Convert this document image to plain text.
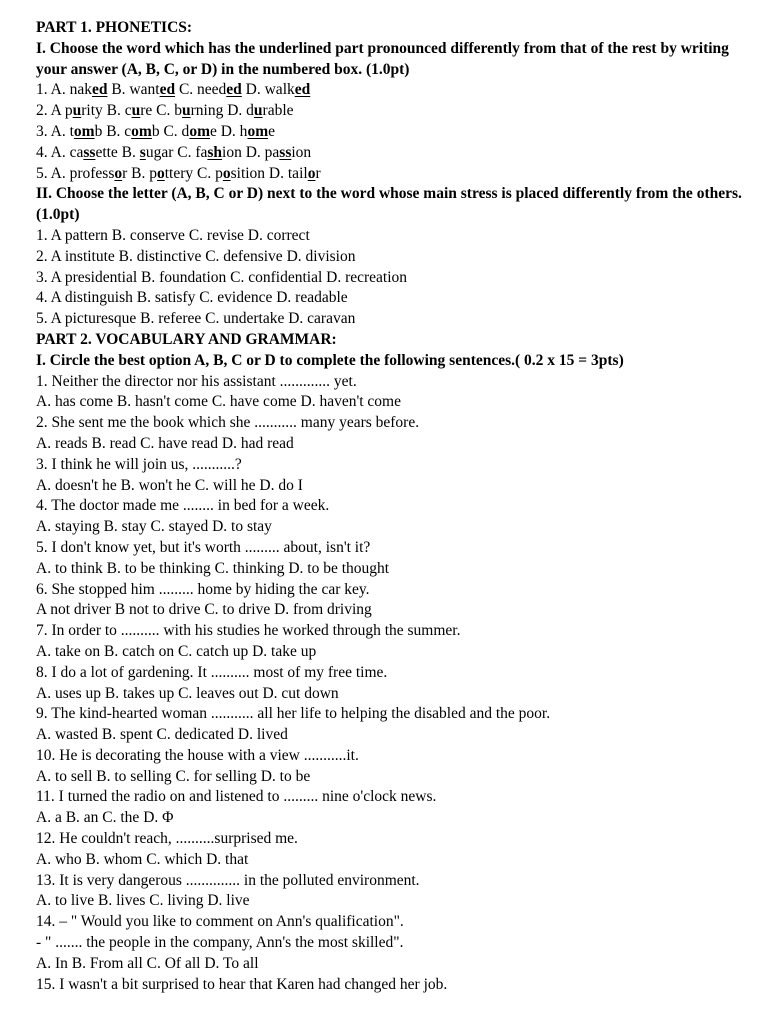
PART 1. PHONETICS:
I. Choose the word which has the underlined part pronounced differently from that of the rest by writing your answer (A, B, C, or D) in the numbered box. (1.0pt)
1. A. naked B. wanted C. needed D. walked
2. A purity B. cure C. burning D. durable
3. A. tomb B. comb C. dome D. home
4. A. cassette B. sugar C. fashion D. passion
5. A. professor B. pottery C. position D. tailor
II. Choose the letter (A, B, C or D) next to the word whose main stress is placed differently from the others. (1.0pt)
1. A pattern B. conserve C. revise D. correct
2. A institute B. distinctive C. defensive D. division
3. A presidential B. foundation C. confidential D. recreation
4. A distinguish B. satisfy C. evidence D. readable
5. A picturesque B. referee C. undertake D. caravan
PART 2. VOCABULARY AND GRAMMAR:
I. Circle the best option A, B, C or D to complete the following sentences.( 0.2 x 15 = 3pts)
1. Neither the director nor his assistant ............. yet.
A. has come B. hasn't come C. have come D. haven't come
2. She sent me the book which she ........... many years before.
A. reads B. read C. have read D. had read
3. I think he will join us, ...........?
A. doesn't he B. won't he C. will he D. do I
4. The doctor made me ........ in bed for a week.
A. staying B. stay C. stayed D. to stay
5. I don't know yet, but it's worth ......... about, isn't it?
A. to think B. to be thinking C. thinking D. to be thought
6. She stopped him ......... home by hiding the car key.
A not driver B not to drive C. to drive D. from driving
7. In order to .......... with his studies he worked through the summer.
A. take on B. catch on C. catch up D. take up
8. I do a lot of gardening. It .......... most of my free time.
A. uses up B. takes up C. leaves out D. cut down
9. The kind-hearted woman ........... all her life to helping the disabled and the poor.
A. wasted B. spent C. dedicated D. lived
10. He is decorating the house with a view ...........it.
A. to sell B. to selling C. for selling D. to be
11. I turned the radio on and listened to ......... nine o'clock news.
A. a B. an C. the D. Φ
12. He couldn't reach, ..........surprised me.
A. who B. whom C. which D. that
13. It is very dangerous .............. in the polluted environment.
A. to live B. lives C. living D. live
14. – " Would you like to comment on Ann's qualification".
- " ....... the people in the company, Ann's the most skilled".
A. In B. From all C. Of all D. To all
15. I wasn't a bit surprised to hear that Karen had changed her job.
